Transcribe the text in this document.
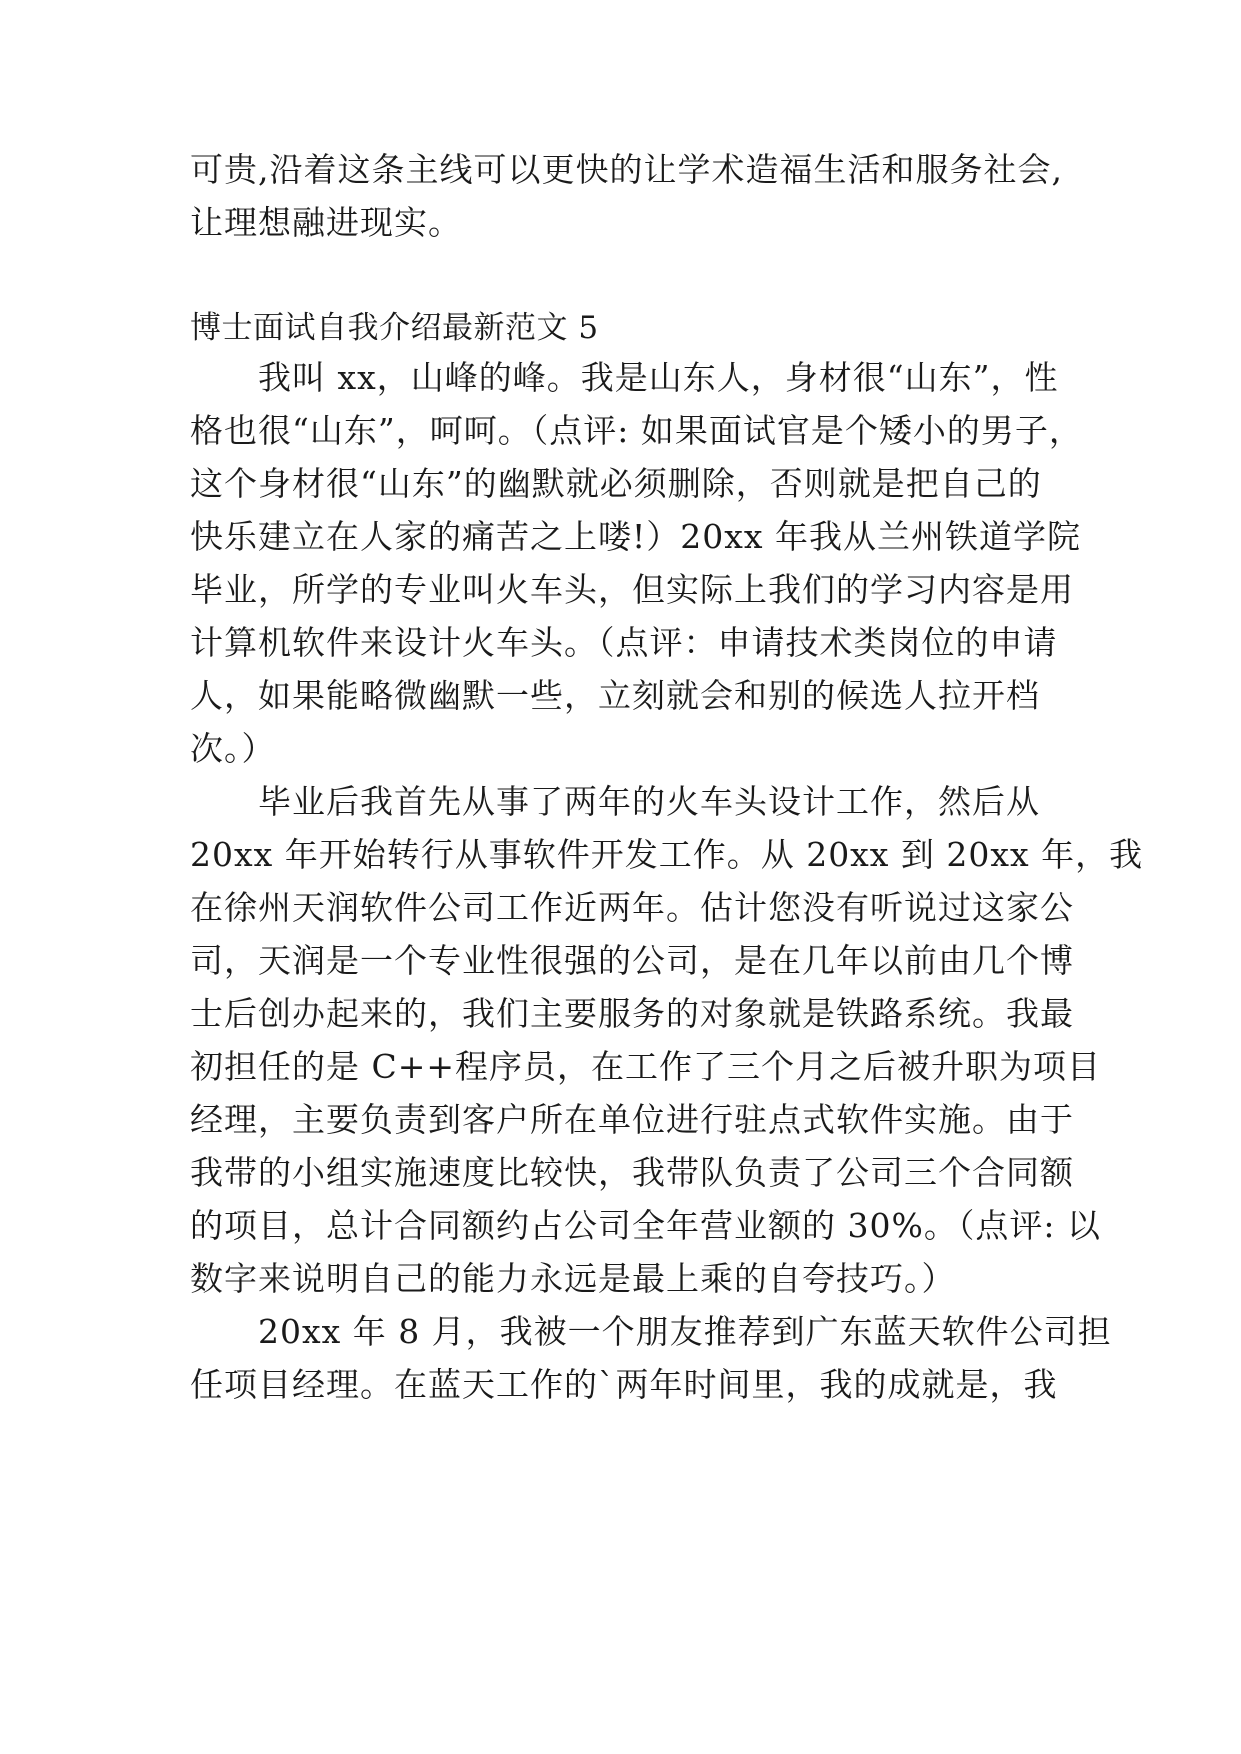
可贵,沿着这条主线可以更快的让学术造福生活和服务社会,
让理想融进现实。
博士面试自我介绍最新范文 5
我叫 xx，山峰的峰。我是山东人，身材很“山东”，性
格也很“山东”，呵呵。（点评: 如果面试官是个矮小的男子，
这个身材很“山东”的幽默就必须删除，否则就是把自己的
快乐建立在人家的痛苦之上喽!）20xx 年我从兰州铁道学院
毕业，所学的专业叫火车头，但实际上我们的学习内容是用
计算机软件来设计火车头。（点评：申请技术类岗位的申请
人，如果能略微幽默一些，立刻就会和别的候选人拉开档
次。）
毕业后我首先从事了两年的火车头设计工作，然后从
20xx 年开始转行从事软件开发工作。从 20xx 到 20xx 年，我
在徐州天润软件公司工作近两年。估计您没有听说过这家公
司，天润是一个专业性很强的公司，是在几年以前由几个博
士后创办起来的，我们主要服务的对象就是铁路系统。我最
初担任的是 C++程序员，在工作了三个月之后被升职为项目
经理，主要负责到客户所在单位进行驻点式软件实施。由于
我带的小组实施速度比较快，我带队负责了公司三个合同额
的项目，总计合同额约占公司全年营业额的 30%。（点评: 以
数字来说明自己的能力永远是最上乘的自夸技巧。）
20xx 年 8 月，我被一个朋友推荐到广东蓝天软件公司担
任项目经理。在蓝天工作的`两年时间里，我的成就是，我
